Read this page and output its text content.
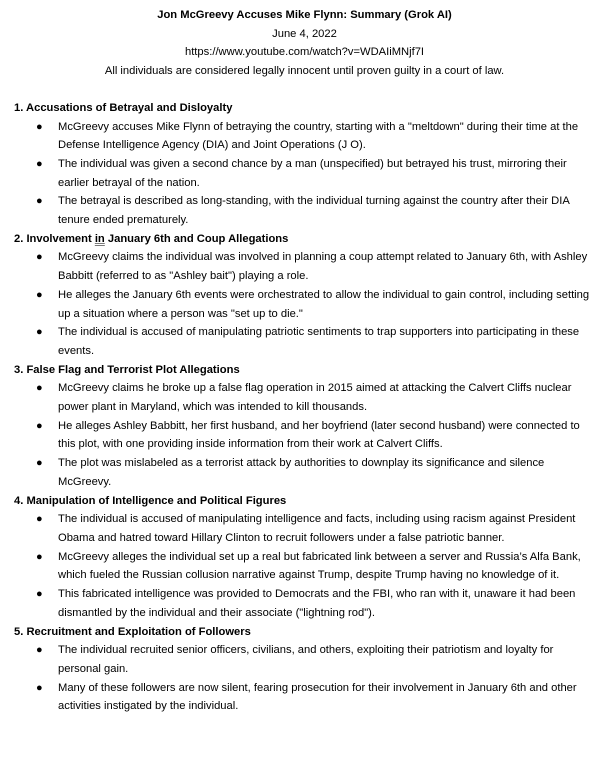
Jon McGreevy Accuses Mike Flynn: Summary (Grok AI)
June 4, 2022
https://www.youtube.com/watch?v=WDAIiMNjf7I
All individuals are considered legally innocent until proven guilty in a court of law.
1. Accusations of Betrayal and Disloyalty
● McGreevy accuses Mike Flynn of betraying the country, starting with a "meltdown" during their time at the Defense Intelligence Agency (DIA) and Joint Operations (J O).
● The individual was given a second chance by a man (unspecified) but betrayed his trust, mirroring their earlier betrayal of the nation.
● The betrayal is described as long-standing, with the individual turning against the country after their DIA tenure ended prematurely.
2. Involvement in January 6th and Coup Allegations
● McGreevy claims the individual was involved in planning a coup attempt related to January 6th, with Ashley Babbitt (referred to as "Ashley bait") playing a role.
● He alleges the January 6th events were orchestrated to allow the individual to gain control, including setting up a situation where a person was "set up to die."
● The individual is accused of manipulating patriotic sentiments to trap supporters into participating in these events.
3. False Flag and Terrorist Plot Allegations
● McGreevy claims he broke up a false flag operation in 2015 aimed at attacking the Calvert Cliffs nuclear power plant in Maryland, which was intended to kill thousands.
● He alleges Ashley Babbitt, her first husband, and her boyfriend (later second husband) were connected to this plot, with one providing inside information from their work at Calvert Cliffs.
● The plot was mislabeled as a terrorist attack by authorities to downplay its significance and silence McGreevy.
4. Manipulation of Intelligence and Political Figures
● The individual is accused of manipulating intelligence and facts, including using racism against President Obama and hatred toward Hillary Clinton to recruit followers under a false patriotic banner.
● McGreevy alleges the individual set up a real but fabricated link between a server and Russia’s Alfa Bank, which fueled the Russian collusion narrative against Trump, despite Trump having no knowledge of it.
● This fabricated intelligence was provided to Democrats and the FBI, who ran with it, unaware it had been dismantled by the individual and their associate ("lightning rod").
5. Recruitment and Exploitation of Followers
● The individual recruited senior officers, civilians, and others, exploiting their patriotism and loyalty for personal gain.
● Many of these followers are now silent, fearing prosecution for their involvement in January 6th and other activities instigated by the individual.
